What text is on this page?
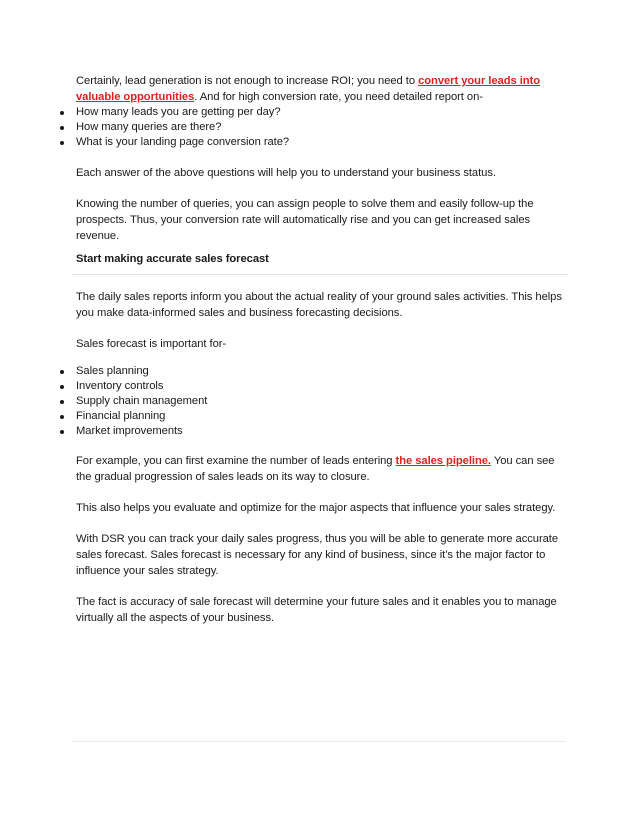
Certainly, lead generation is not enough to increase ROI; you need to convert your leads into valuable opportunities. And for high conversion rate, you need detailed report on-

How many leads you are getting per day?
How many queries are there?
What is your landing page conversion rate?

Each answer of the above questions will help you to understand your business status.

Knowing the number of queries, you can assign people to solve them and easily follow-up the prospects. Thus, your conversion rate will automatically rise and you can get increased sales revenue.

Start making accurate sales forecast

The daily sales reports inform you about the actual reality of your ground sales activities. This helps you make data-informed sales and business forecasting decisions.

Sales forecast is important for-

Sales planning
Inventory controls
Supply chain management
Financial planning
Market improvements

For example, you can first examine the number of leads entering the sales pipeline. You can see the gradual progression of sales leads on its way to closure.

This also helps you evaluate and optimize for the major aspects that influence your sales strategy.

With DSR you can track your daily sales progress, thus you will be able to generate more accurate sales forecast. Sales forecast is necessary for any kind of business, since it’s the major factor to influence your sales strategy.

The fact is accuracy of sale forecast will determine your future sales and it enables you to manage virtually all the aspects of your business.
